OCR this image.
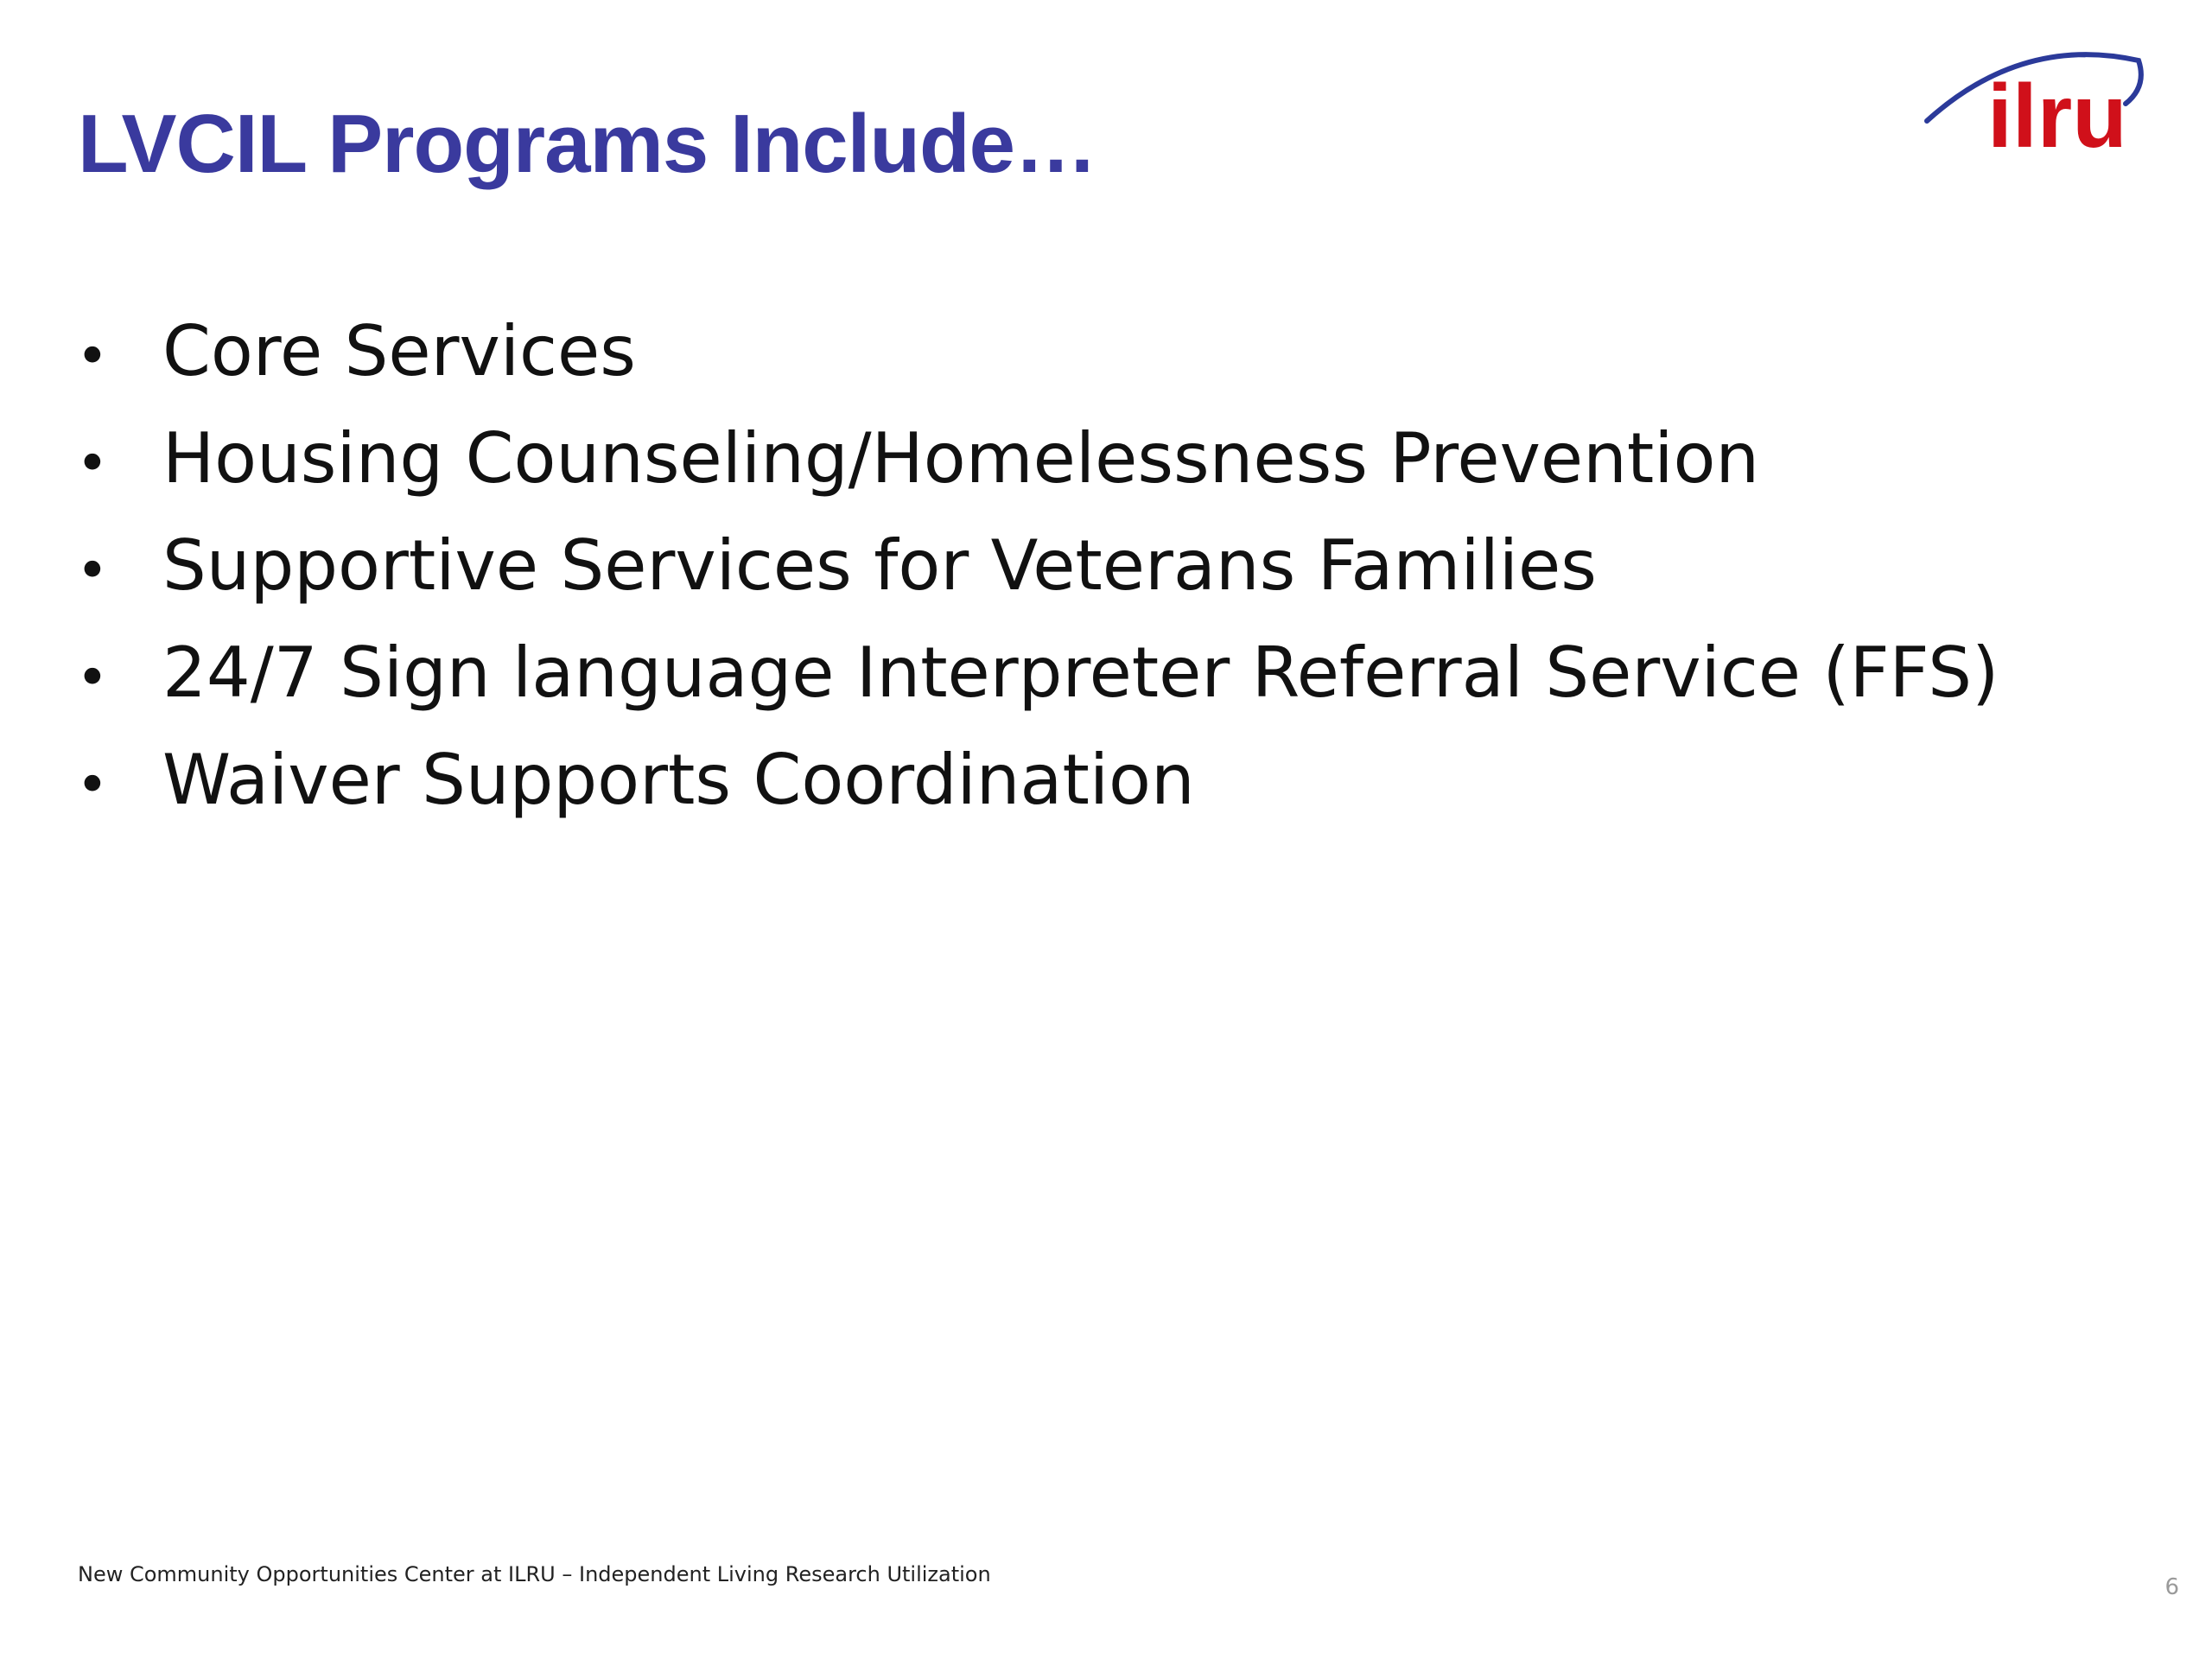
LVCIL Programs Include…	ilru
• Core Services
• Housing Counseling/Homelessness Prevention
• Supportive Services for Veterans Families
• 24/7 Sign language Interpreter Referral Service (FFS)
• Waiver Supports Coordination
New Community Opportunities Center at ILRU – Independent Living Research Utilization	6
